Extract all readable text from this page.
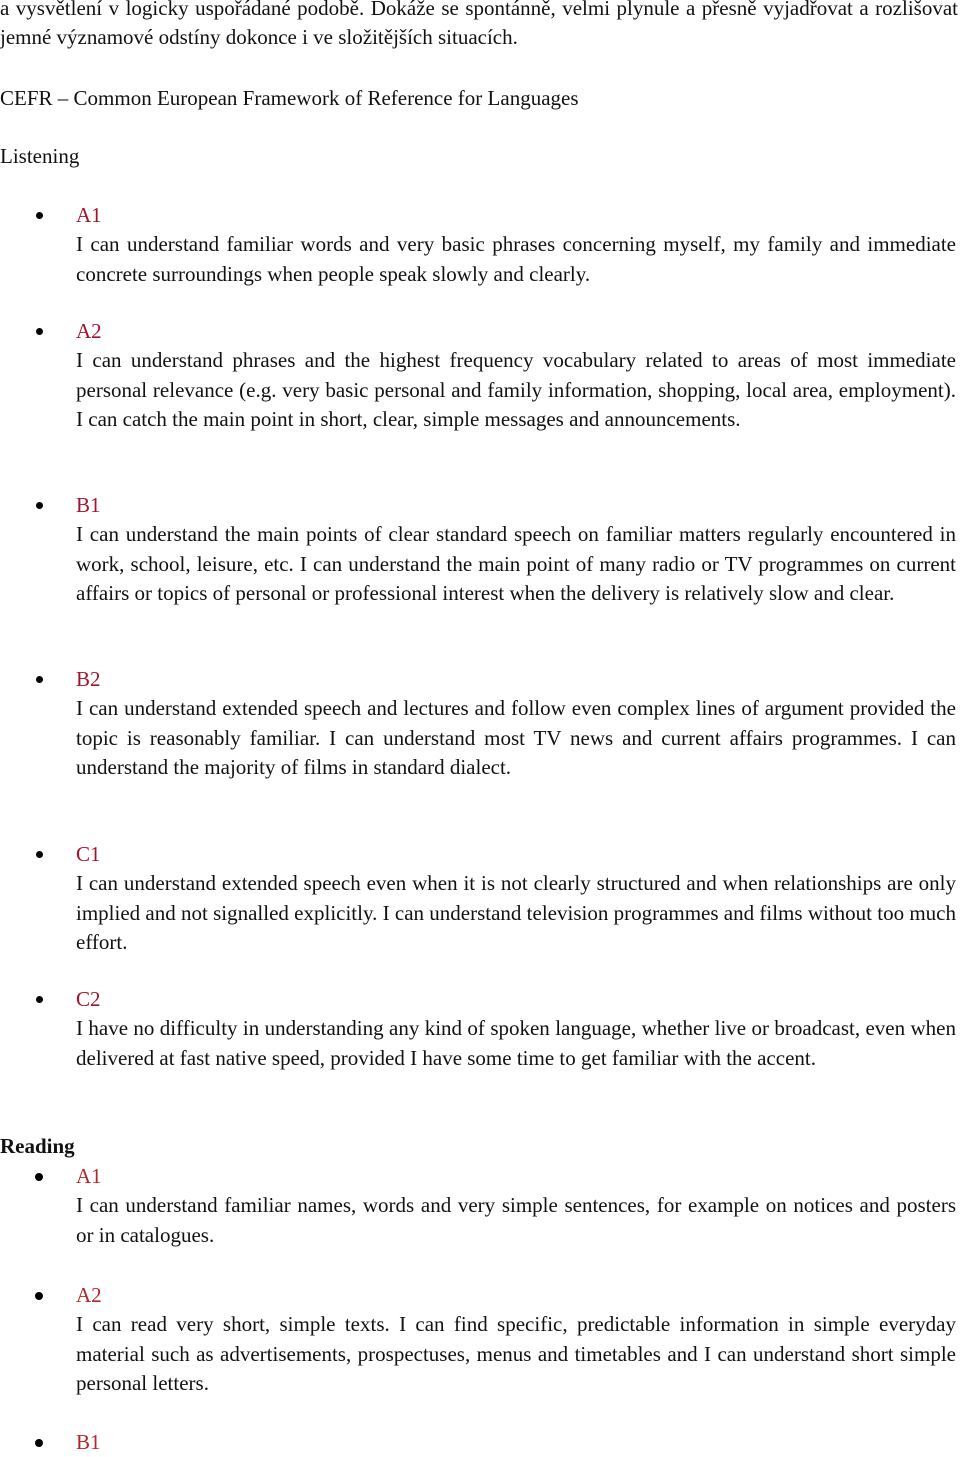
a vysvětlení v logicky uspořádané podobě. Dokáže se spontánně, velmi plynule a přesně vyjadřovat a rozlišovat jemné významové odstíny dokonce i ve složitějších situacích.

CEFR – Common European Framework of Reference for Languages

Listening

A1
I can understand familiar words and very basic phrases concerning myself, my family and immediate concrete surroundings when people speak slowly and clearly.
A2
I can understand phrases and the highest frequency vocabulary related to areas of most immediate personal relevance (e.g. very basic personal and family information, shopping, local area, employment). I can catch the main point in short, clear, simple messages and announcements.
B1
I can understand the main points of clear standard speech on familiar matters regularly encountered in work, school, leisure, etc. I can understand the main point of many radio or TV programmes on current affairs or topics of personal or professional interest when the delivery is relatively slow and clear.
B2
I can understand extended speech and lectures and follow even complex lines of argument provided the topic is reasonably familiar. I can understand most TV news and current affairs programmes. I can understand the majority of films in standard dialect.
C1
I can understand extended speech even when it is not clearly structured and when relationships are only implied and not signalled explicitly. I can understand television programmes and films without too much effort.
C2
I have no difficulty in understanding any kind of spoken language, whether live or broadcast, even when delivered at fast native speed, provided I have some time to get familiar with the accent.

Reading

A1
I can understand familiar names, words and very simple sentences, for example on notices and posters or in catalogues.
A2
I can read very short, simple texts. I can find specific, predictable information in simple everyday material such as advertisements, prospectuses, menus and timetables and I can understand short simple personal letters.
B1
